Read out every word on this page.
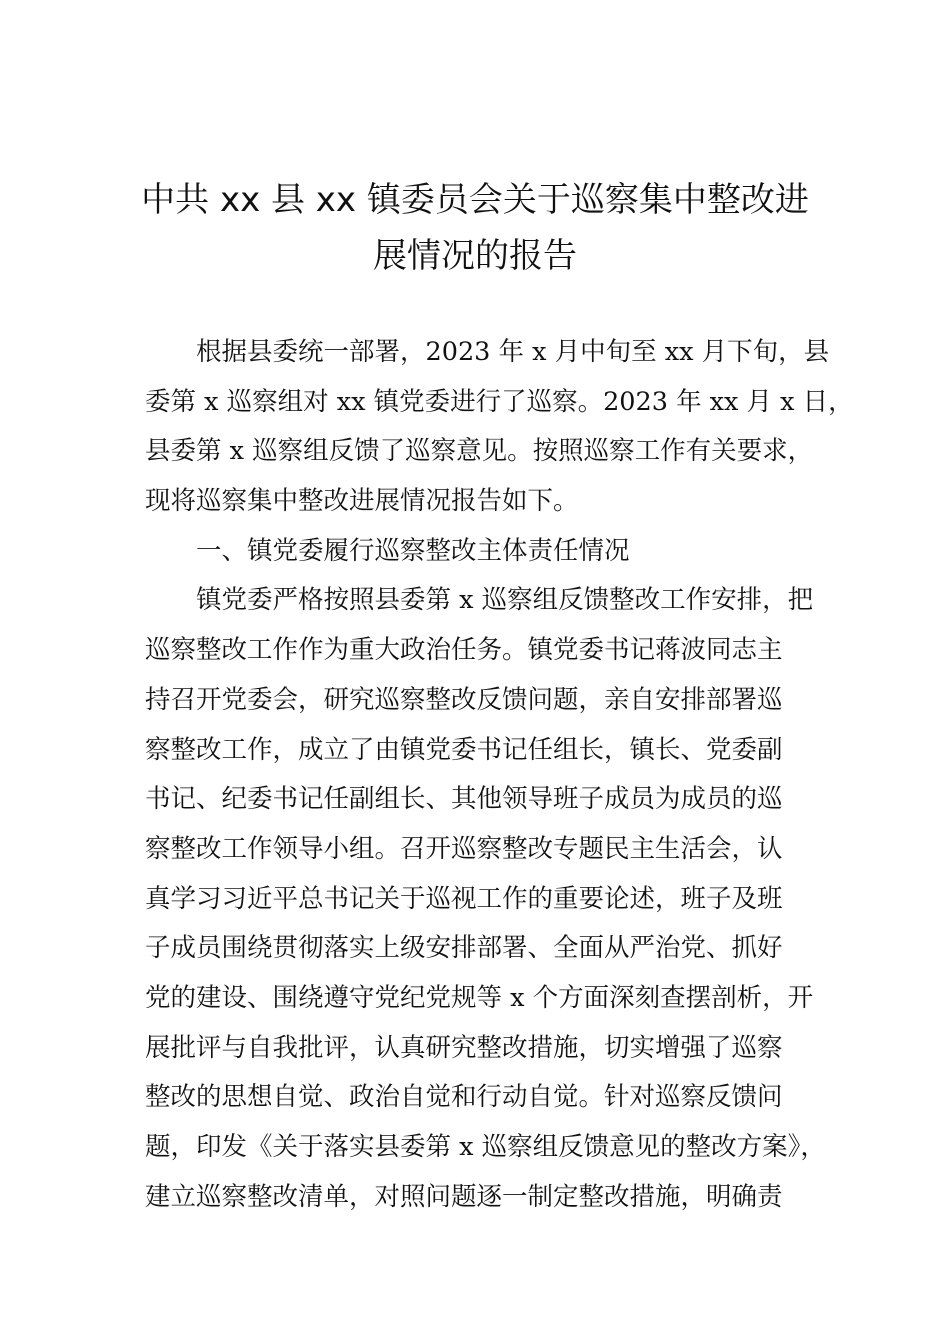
中共 xx 县 xx 镇委员会关于巡察集中整改进
展情况的报告
根据县委统一部署，2023 年 x 月中旬至 xx 月下旬，县
委第 x 巡察组对 xx 镇党委进行了巡察。2023 年 xx 月 x 日，
县委第 x 巡察组反馈了巡察意见。按照巡察工作有关要求，
现将巡察集中整改进展情况报告如下。
一、镇党委履行巡察整改主体责任情况
镇党委严格按照县委第 x 巡察组反馈整改工作安排，把
巡察整改工作作为重大政治任务。镇党委书记蒋波同志主
持召开党委会，研究巡察整改反馈问题，亲自安排部署巡
察整改工作，成立了由镇党委书记任组长，镇长、党委副
书记、纪委书记任副组长、其他领导班子成员为成员的巡
察整改工作领导小组。召开巡察整改专题民主生活会，认
真学习习近平总书记关于巡视工作的重要论述，班子及班
子成员围绕贯彻落实上级安排部署、全面从严治党、抓好
党的建设、围绕遵守党纪党规等 x 个方面深刻查摆剖析，开
展批评与自我批评，认真研究整改措施，切实增强了巡察
整改的思想自觉、政治自觉和行动自觉。针对巡察反馈问
题，印发《关于落实县委第 x 巡察组反馈意见的整改方案》，
建立巡察整改清单，对照问题逐一制定整改措施，明确责
